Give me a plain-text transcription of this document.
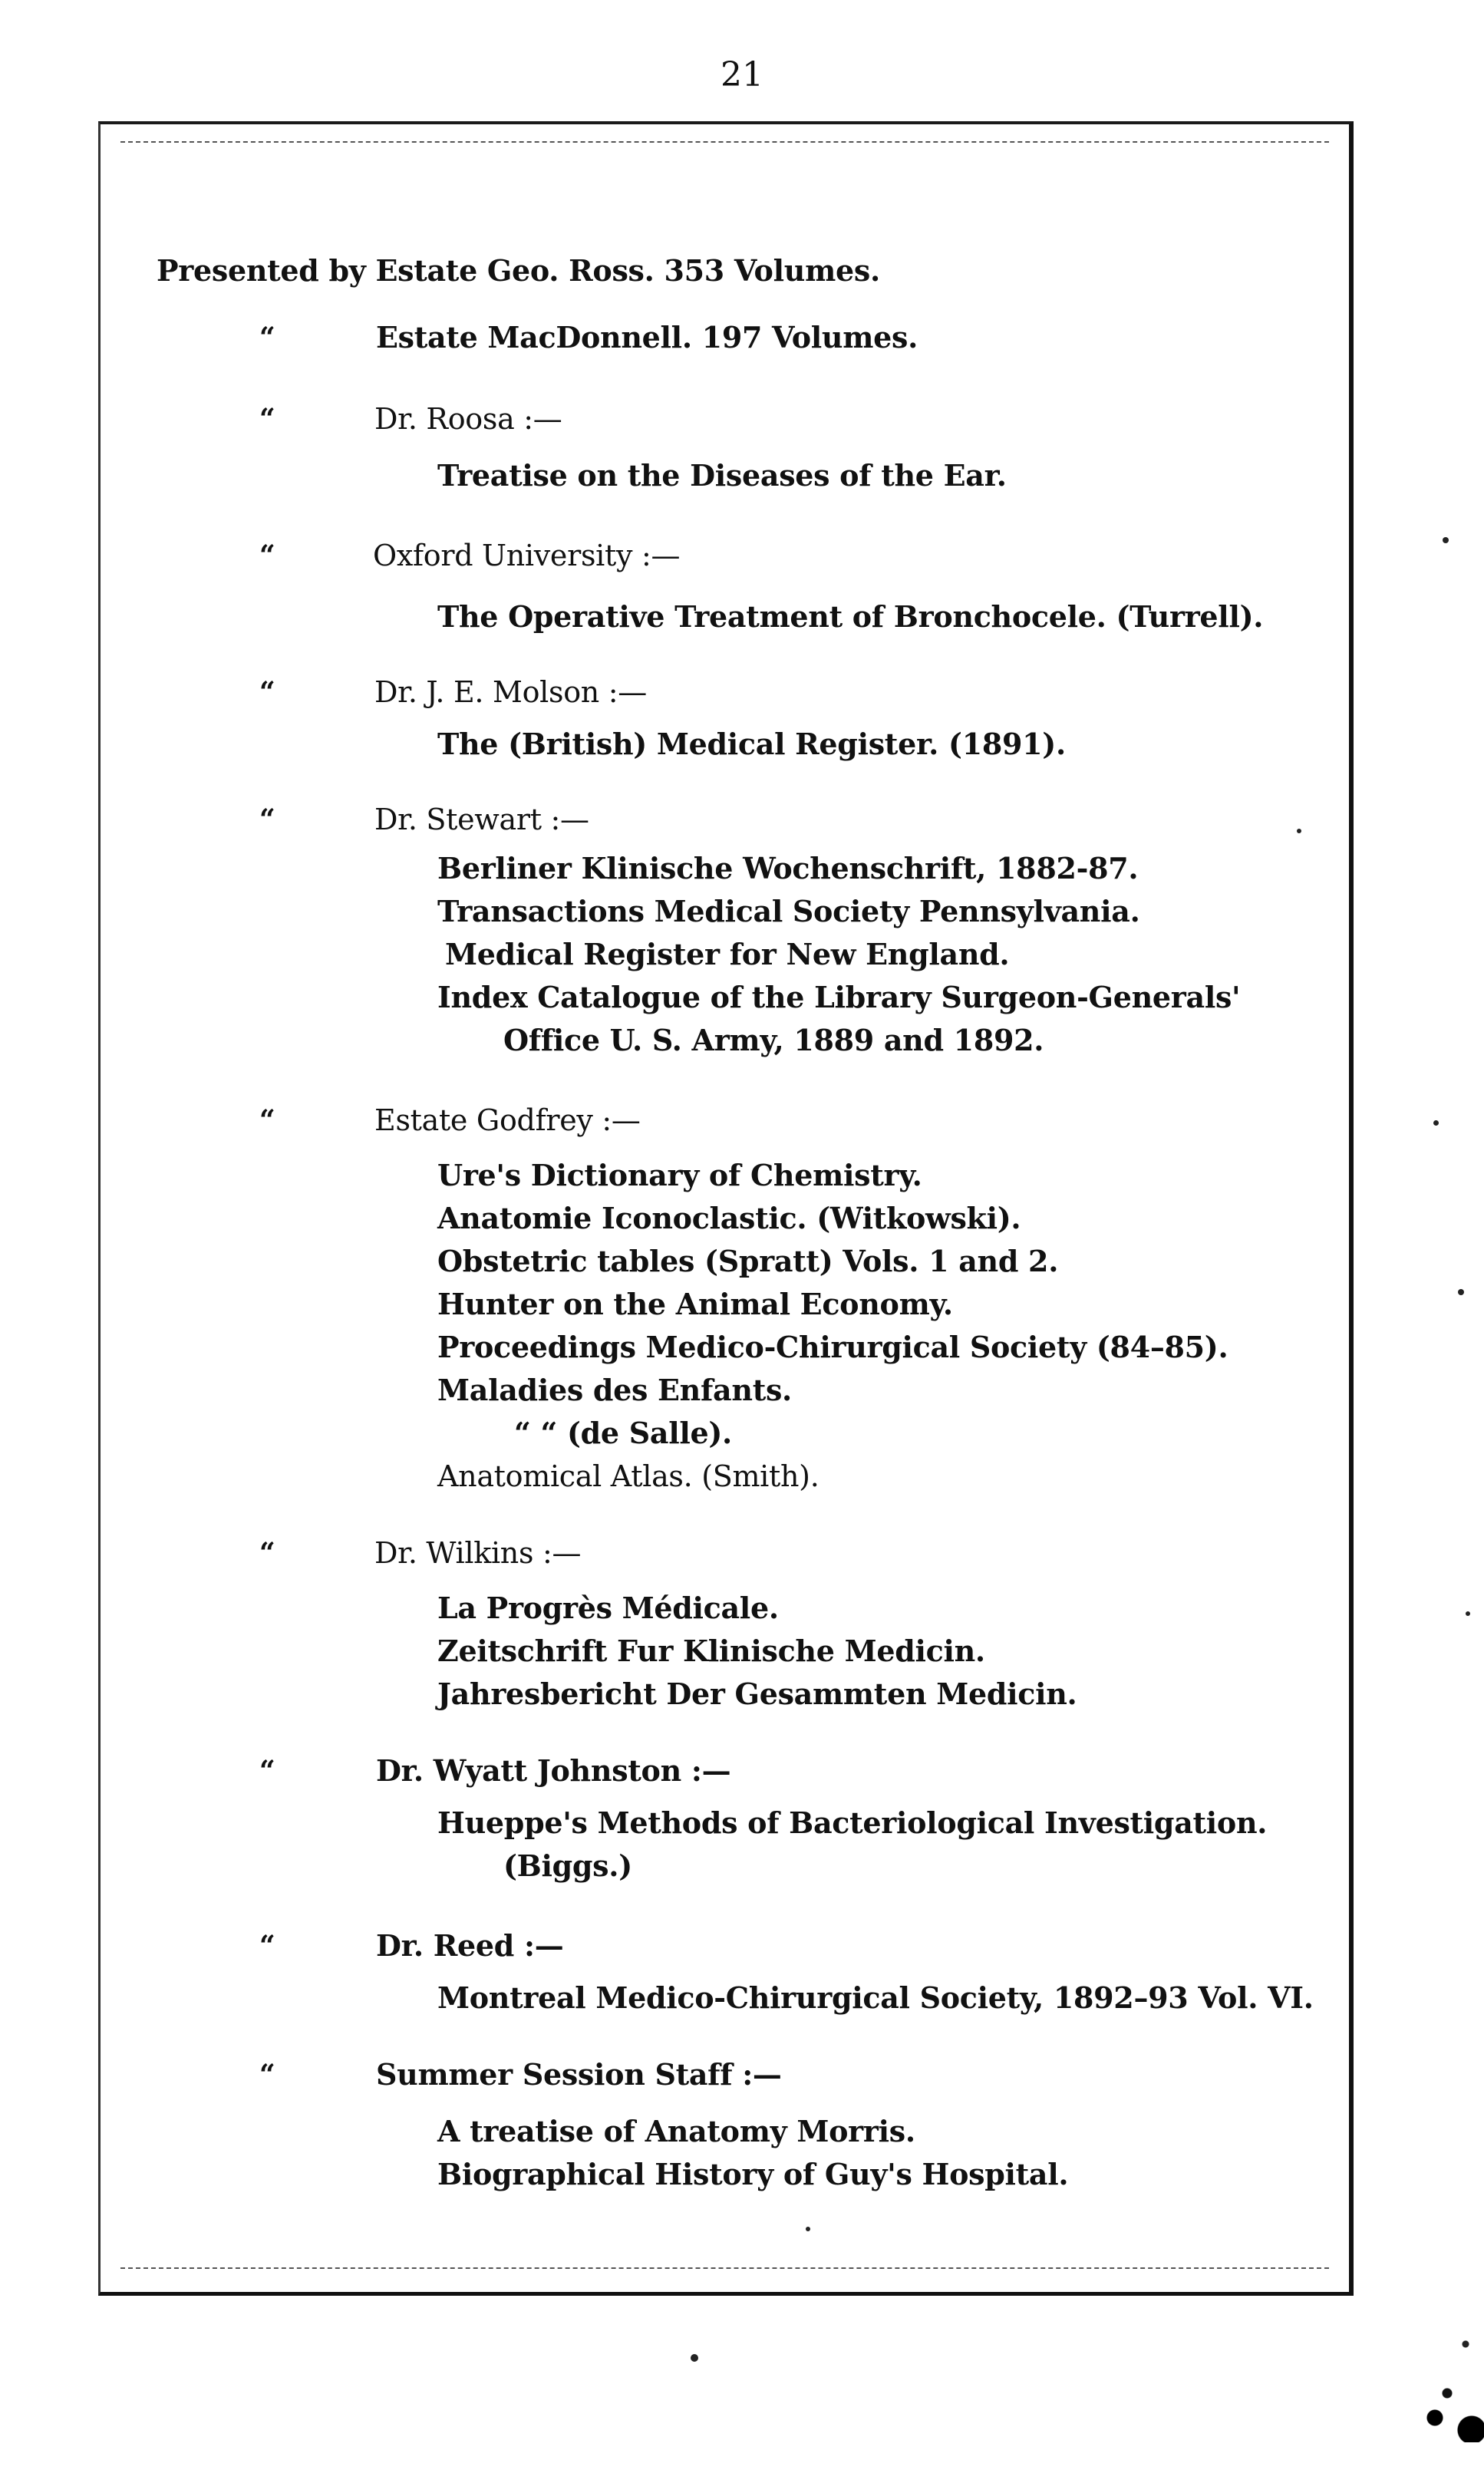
21
Presented by Estate Geo. Ross. 353 Volumes.
“	Estate MacDonnell. 197 Volumes.
“	Dr. Roosa :—
Treatise on the Diseases of the Ear.
“	Oxford University :—
The Operative Treatment of Bronchocele. (Turrell).
“	Dr. J. E. Molson :—
The (British) Medical Register. (1891).
“	Dr. Stewart :—
Berliner Klinische Wochenschrift, 1882-87.
Transactions Medical Society Pennsylvania.
Medical Register for New England.
Index Catalogue of the Library Surgeon-Generals'
Office U. S. Army, 1889 and 1892.
“	Estate Godfrey :—
Ure's Dictionary of Chemistry.
Anatomie Iconoclastic. (Witkowski).
Obstetric tables (Spratt) Vols. 1 and 2.
Hunter on the Animal Economy.
Proceedings Medico-Chirurgical Society (84–85).
Maladies des Enfants.
“ “ (de Salle).
Anatomical Atlas. (Smith).
“	Dr. Wilkins :—
La Progrès Médicale.
Zeitschrift Fur Klinische Medicin.
Jahresbericht Der Gesammten Medicin.
“	Dr. Wyatt Johnston :—
Hueppe's Methods of Bacteriological Investigation.
(Biggs.)
“	Dr. Reed :—
Montreal Medico-Chirurgical Society, 1892–93 Vol. VI.
“	Summer Session Staff :—
A treatise of Anatomy Morris.
Biographical History of Guy's Hospital.
